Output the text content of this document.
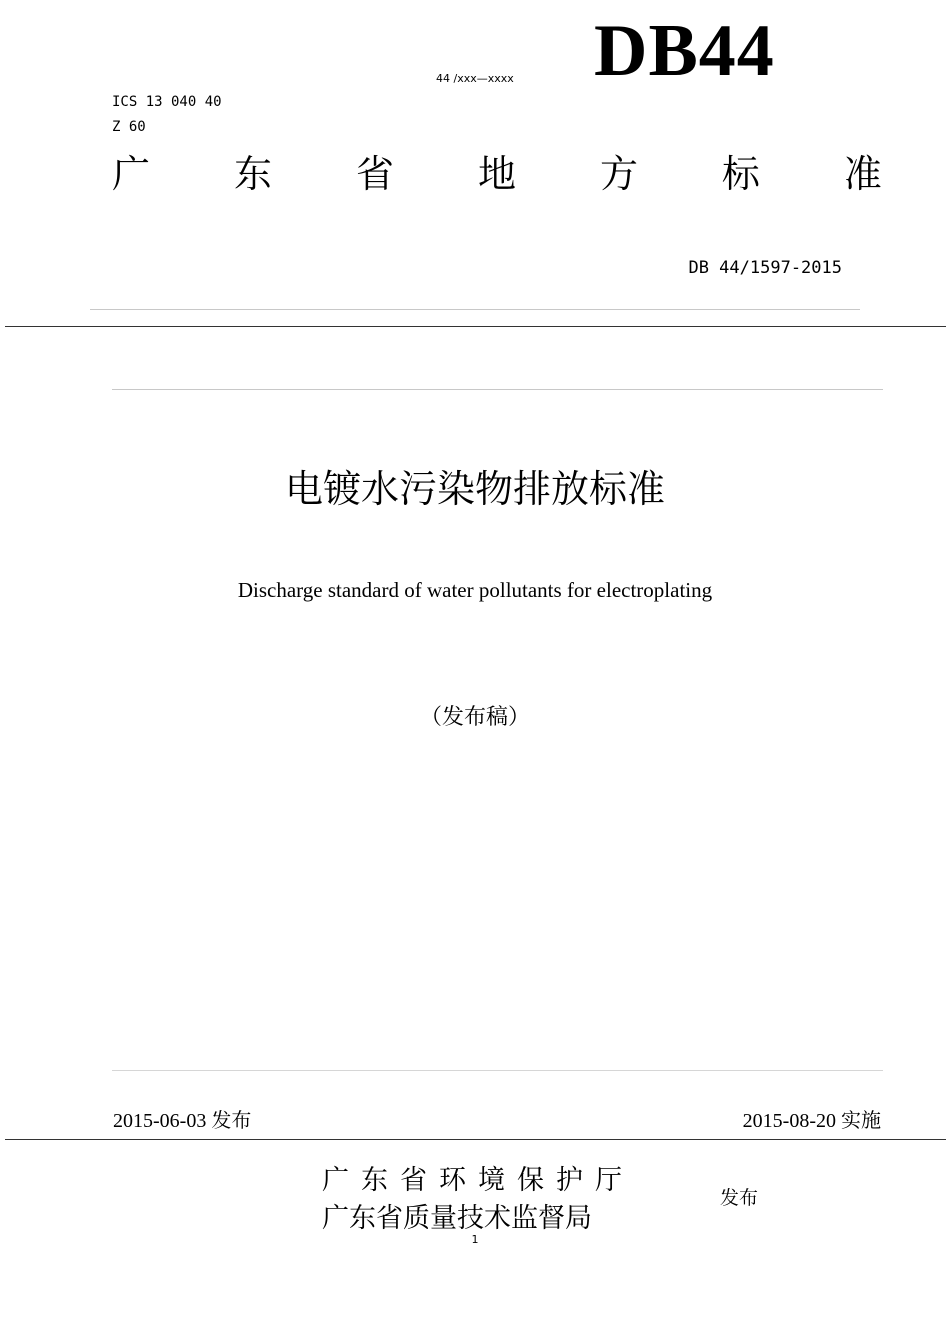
44 /xxx—xxxx DB44
ICS 13 040 40
Z 60
广 东 省 地 方 标 准
DB 44/1597-2015
电镀水污染物排放标准
Discharge standard of water pollutants for electroplating
（发布稿）
2015-06-03 发布	2015-08-20 实施
广东省环境保护厅
广东省质量技术监督局
发布
1
